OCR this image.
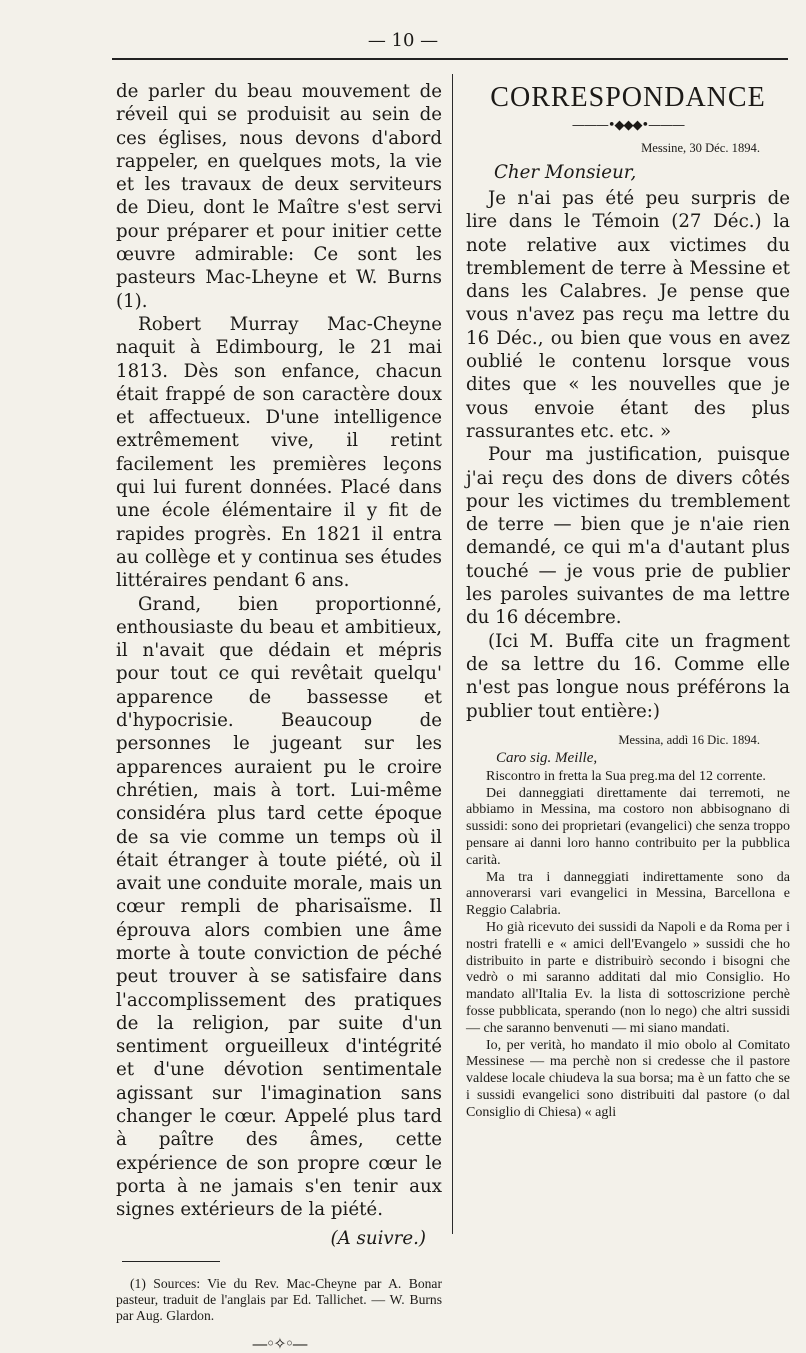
— 10 —

de parler du beau mouvement de réveil qui se produisit au sein de ces églises, nous devons d'abord rappeler, en quelques mots, la vie et les travaux de deux serviteurs de Dieu, dont le Maître s'est servi pour préparer et pour initier cette œuvre admirable: Ce sont les pasteurs Mac-Lheyne et W. Burns (1).

Robert Murray Mac-Cheyne naquit à Edimbourg, le 21 mai 1813. Dès son enfance, chacun était frappé de son caractère doux et affectueux. D'une intelligence extrêmement vive, il retint facilement les premières leçons qui lui furent données. Placé dans une école élémentaire il y fit de rapides progrès. En 1821 il entra au collège et y continua ses études littéraires pendant 6 ans.

Grand, bien proportionné, enthousiaste du beau et ambitieux, il n'avait que dédain et mépris pour tout ce qui revêtait quelqu' apparence de bassesse et d'hypocrisie. Beaucoup de personnes le jugeant sur les apparences auraient pu le croire chrétien, mais à tort. Lui-même considéra plus tard cette époque de sa vie comme un temps où il était étranger à toute piété, où il avait une conduite morale, mais un cœur rempli de pharisaïsme. Il éprouva alors combien une âme morte à toute conviction de péché peut trouver à se satisfaire dans l'accomplissement des pratiques de la religion, par suite d'un sentiment orgueilleux d'intégrité et d'une dévotion sentimentale agissant sur l'imagination sans changer le cœur. Appelé plus tard à paître des âmes, cette expérience de son propre cœur le porta à ne jamais s'en tenir aux signes extérieurs de la piété.

(A suivre.)

(1) Sources: Vie du Rev. Mac-Cheyne par A. Bonar pasteur, traduit de l'anglais par Ed. Tallichet. — W. Burns par Aug. Glardon.

—◦✧◦—
CORRESPONDANCE
———•◆◆◆•———
Messine, 30 Déc. 1894.
Cher Monsieur,

Je n'ai pas été peu surpris de lire dans le Témoin (27 Déc.) la note relative aux victimes du tremblement de terre à Messine et dans les Calabres. Je pense que vous n'avez pas reçu ma lettre du 16 Déc., ou bien que vous en avez oublié le contenu lorsque vous dites que « les nouvelles que je vous envoie étant des plus rassurantes etc. etc. »

Pour ma justification, puisque j'ai reçu des dons de divers côtés pour les victimes du tremblement de terre — bien que je n'aie rien demandé, ce qui m'a d'autant plus touché — je vous prie de publier les paroles suivantes de ma lettre du 16 décembre.

(Ici M. Buffa cite un fragment de sa lettre du 16. Comme elle n'est pas longue nous préférons la publier tout entière:)

Messina, addì 16 Dic. 1894.
Caro sig. Meille,

Riscontro in fretta la Sua preg.ma del 12 corrente.

Dei danneggiati direttamente dai terremoti, ne abbiamo in Messina, ma costoro non abbisognano di sussidi: sono dei proprietari (evangelici) che senza troppo pensare ai danni loro hanno contribuito per la pubblica carità.

Ma tra i danneggiati indirettamente sono da annoverarsi vari evangelici in Messina, Barcellona e Reggio Calabria.

Ho già ricevuto dei sussidi da Napoli e da Roma per i nostri fratelli e « amici dell'Evangelo » sussidi che ho distribuito in parte e distribuirò secondo i bisogni che vedrò o mi saranno additati dal mio Consiglio. Ho mandato all'Italia Ev. la lista di sottoscrizione perchè fosse pubblicata, sperando (non lo nego) che altri sussidi — che saranno benvenuti — mi siano mandati.

Io, per verità, ho mandato il mio obolo al Comitato Messinese — ma perchè non si credesse che il pastore valdese locale chiudeva la sua borsa; ma è un fatto che se i sussidi evangelici sono distribuiti dal pastore (o dal Consiglio di Chiesa) « agli
